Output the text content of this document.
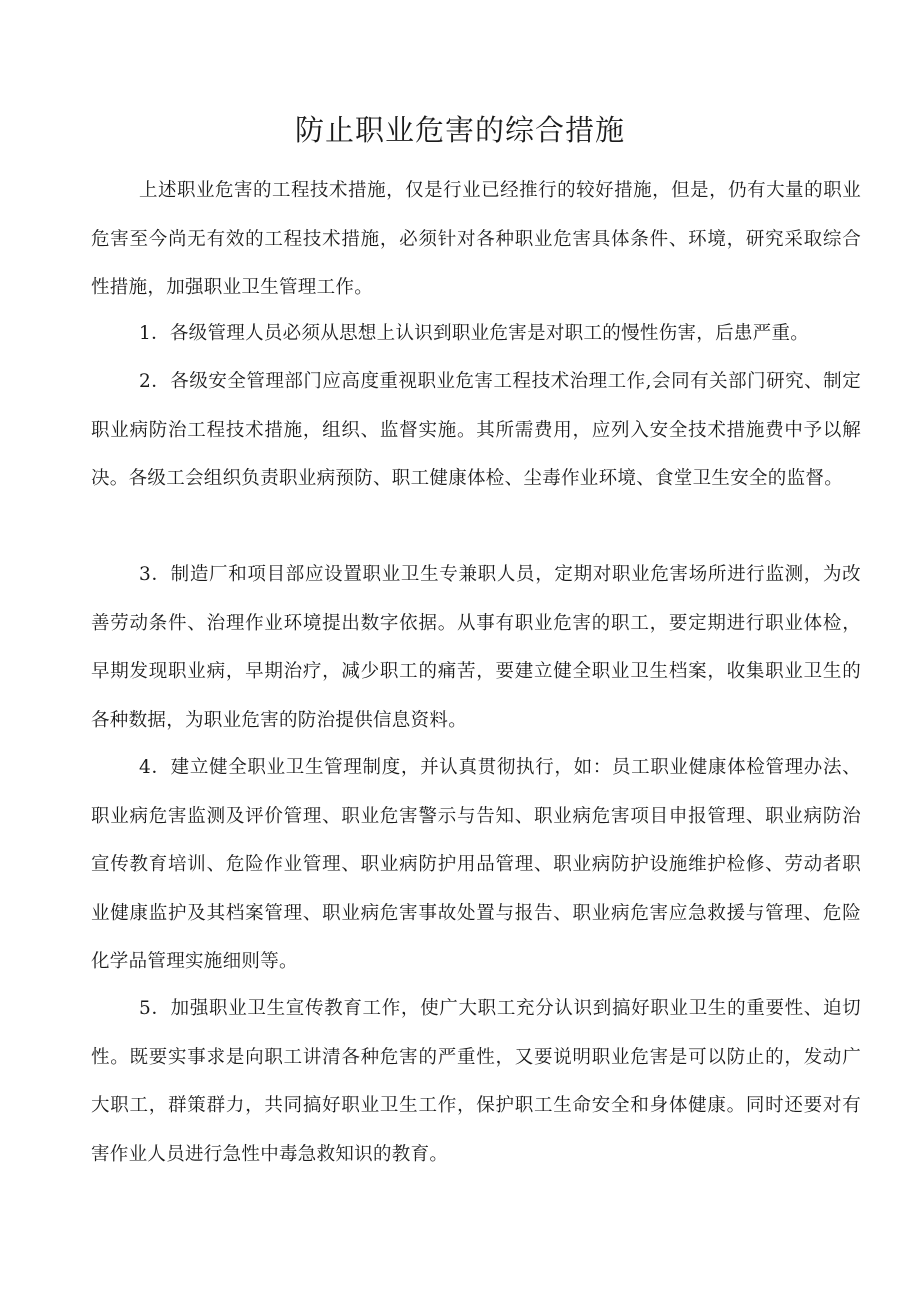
防止职业危害的综合措施

上述职业危害的工程技术措施，仅是行业已经推行的较好措施，但是，仍有大量的职业危害至今尚无有效的工程技术措施，必须针对各种职业危害具体条件、环境，研究采取综合性措施，加强职业卫生管理工作。

1．各级管理人员必须从思想上认识到职业危害是对职工的慢性伤害，后患严重。

2．各级安全管理部门应高度重视职业危害工程技术治理工作,会同有关部门研究、制定职业病防治工程技术措施，组织、监督实施。其所需费用，应列入安全技术措施费中予以解决。各级工会组织负责职业病预防、职工健康体检、尘毒作业环境、食堂卫生安全的监督。

3．制造厂和项目部应设置职业卫生专兼职人员，定期对职业危害场所进行监测，为改善劳动条件、治理作业环境提出数字依据。从事有职业危害的职工，要定期进行职业体检，早期发现职业病，早期治疗，减少职工的痛苦，要建立健全职业卫生档案，收集职业卫生的各种数据，为职业危害的防治提供信息资料。

4．建立健全职业卫生管理制度，并认真贯彻执行，如：员工职业健康体检管理办法、职业病危害监测及评价管理、职业危害警示与告知、职业病危害项目申报管理、职业病防治宣传教育培训、危险作业管理、职业病防护用品管理、职业病防护设施维护检修、劳动者职业健康监护及其档案管理、职业病危害事故处置与报告、职业病危害应急救援与管理、危险化学品管理实施细则等。

5．加强职业卫生宣传教育工作，使广大职工充分认识到搞好职业卫生的重要性、迫切性。既要实事求是向职工讲清各种危害的严重性，又要说明职业危害是可以防止的，发动广大职工，群策群力，共同搞好职业卫生工作，保护职工生命安全和身体健康。同时还要对有害作业人员进行急性中毒急救知识的教育。
